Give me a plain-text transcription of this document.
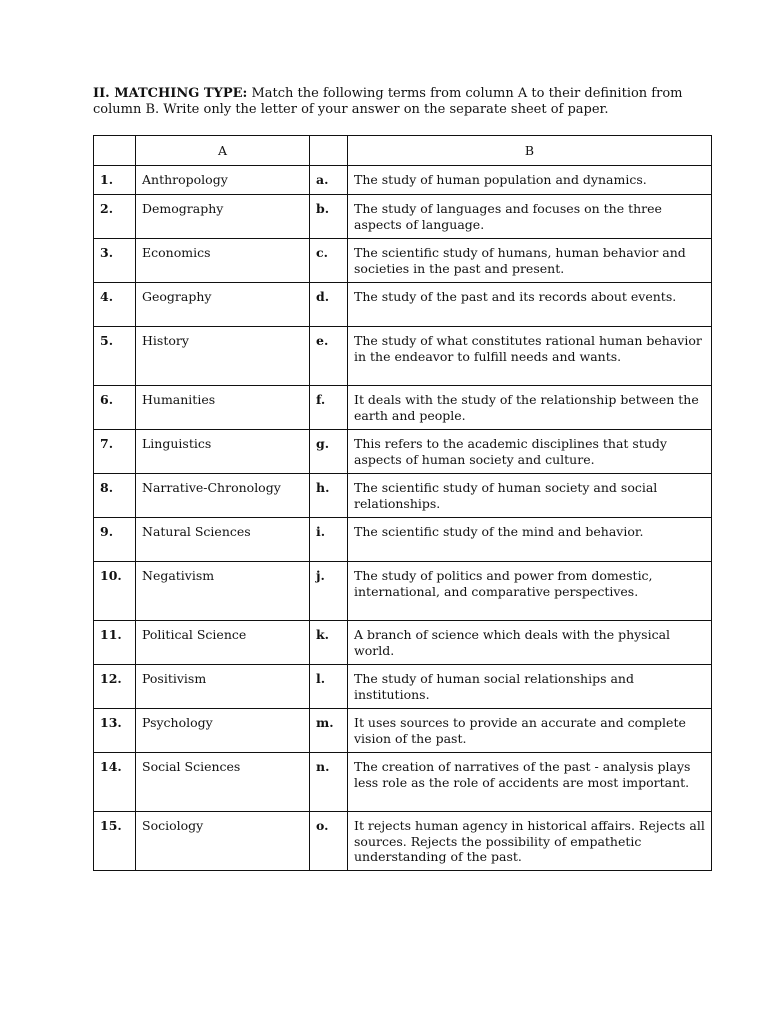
II. MATCHING TYPE: Match the following terms from column A to their definition from column B. Write only the letter of your answer on the separate sheet of paper.
	A		B
1.	Anthropology	a.	The study of human population and dynamics.
2.	Demography	b.	The study of languages and focuses on the three aspects of language.
3.	Economics	c.	The scientific study of humans, human behavior and societies in the past and present.
4.	Geography	d.	The study of the past and its records about events.
5.	History	e.	The study of what constitutes rational human behavior in the endeavor to fulfill needs and wants.
6.	Humanities	f.	It deals with the study of the relationship between the earth and people.
7.	Linguistics	g.	This refers to the academic disciplines that study aspects of human society and culture.
8.	Narrative-Chronology	h.	The scientific study of human society and social relationships.
9.	Natural Sciences	i.	The scientific study of the mind and behavior.
10.	Negativism	j.	The study of politics and power from domestic, international, and comparative perspectives.
11.	Political Science	k.	A branch of science which deals with the physical world.
12.	Positivism	l.	The study of human social relationships and institutions.
13.	Psychology	m.	It uses sources to provide an accurate and complete vision of the past.
14.	Social Sciences	n.	The creation of narratives of the past - analysis plays less role as the role of accidents are most important.
15.	Sociology	o.	It rejects human agency in historical affairs. Rejects all sources. Rejects the possibility of empathetic understanding of the past.
